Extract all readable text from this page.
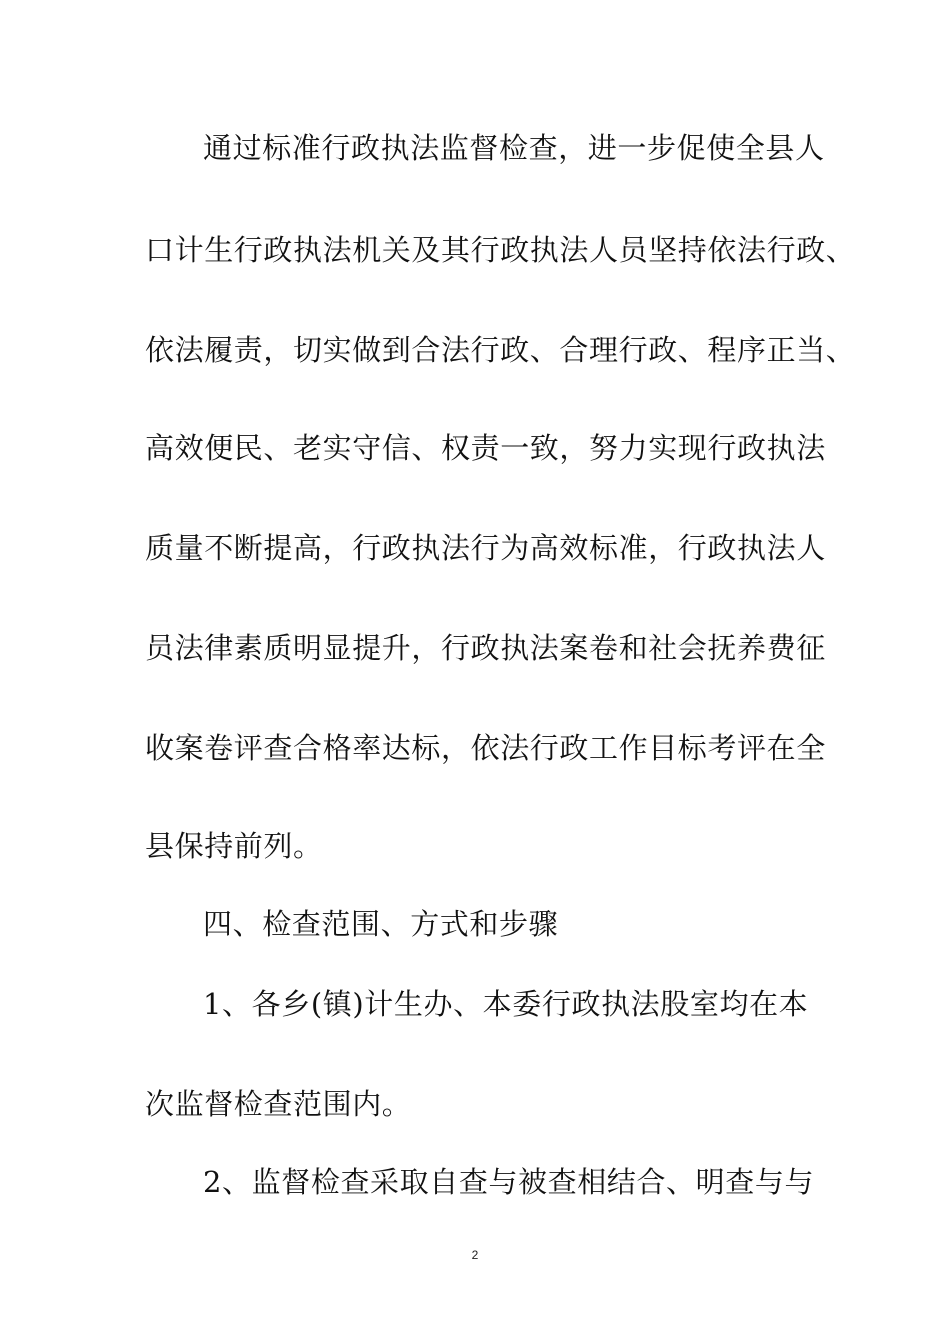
通过标准行政执法监督检查，进一步促使全县人
口计生行政执法机关及其行政执法人员坚持依法行政、
依法履责，切实做到合法行政、合理行政、程序正当、
高效便民、老实守信、权责一致，努力实现行政执法
质量不断提高，行政执法行为高效标准，行政执法人
员法律素质明显提升，行政执法案卷和社会抚养费征
收案卷评查合格率达标，依法行政工作目标考评在全
县保持前列。
四、检查范围、方式和步骤
1、各乡(镇)计生办、本委行政执法股室均在本
次监督检查范围内。
2、监督检查采取自查与被查相结合、明查与与
2
